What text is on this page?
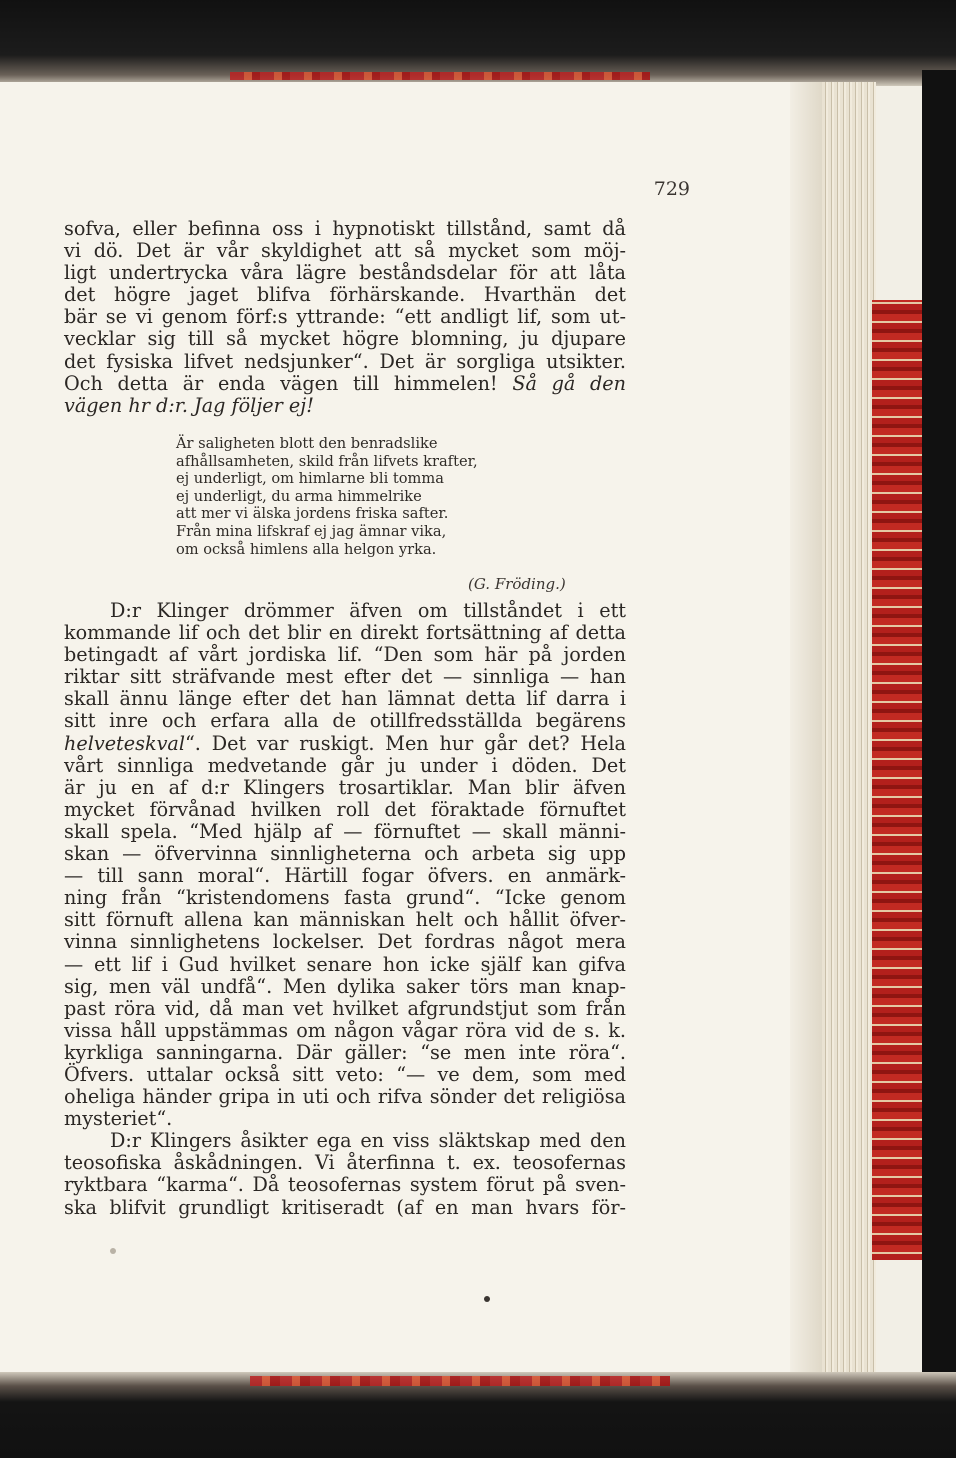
729
sofva, eller befinna oss i hypnotiskt tillstånd, samt då
vi dö. Det är vår skyldighet att så mycket som möj-
ligt undertrycka våra lägre beståndsdelar för att låta
det högre jaget blifva förhärskande. Hvarthän det
bär se vi genom förf:s yttrande: “ett andligt lif, som ut-
vecklar sig till så mycket högre blomning, ju djupare
det fysiska lifvet nedsjunker“. Det är sorgliga utsikter.
Och detta är enda vägen till himmelen! Så gå den
vägen hr d:r. Jag följer ej!
Är saligheten blott den benradslike
afhållsamheten, skild från lifvets krafter,
ej underligt, om himlarne bli tomma
ej underligt, du arma himmelrike
att mer vi älska jordens friska safter.
Från mina lifskraf ej jag ämnar vika,
om också himlens alla helgon yrka.
(G. Fröding.)
D:r Klinger drömmer äfven om tillståndet i ett
kommande lif och det blir en direkt fortsättning af detta
betingadt af vårt jordiska lif. “Den som här på jorden
riktar sitt sträfvande mest efter det — sinnliga — han
skall ännu länge efter det han lämnat detta lif darra i
sitt inre och erfara alla de otillfredsställda begärens
helveteskval“. Det var ruskigt. Men hur går det? Hela
vårt sinnliga medvetande går ju under i döden. Det
är ju en af d:r Klingers trosartiklar. Man blir äfven
mycket förvånad hvilken roll det föraktade förnuftet
skall spela. “Med hjälp af — förnuftet — skall männi-
skan — öfvervinna sinnligheterna och arbeta sig upp
— till sann moral“. Härtill fogar öfvers. en anmärk-
ning från “kristendomens fasta grund“. “Icke genom
sitt förnuft allena kan människan helt och hållit öfver-
vinna sinnlighetens lockelser. Det fordras något mera
— ett lif i Gud hvilket senare hon icke själf kan gifva
sig, men väl undfå“. Men dylika saker törs man knap-
past röra vid, då man vet hvilket afgrundstjut som från
vissa håll uppstämmas om någon vågar röra vid de s. k.
kyrkliga sanningarna. Där gäller: “se men inte röra“.
Öfvers. uttalar också sitt veto: “— ve dem, som med
oheliga händer gripa in uti och rifva sönder det religiösa
mysteriet“.
D:r Klingers åsikter ega en viss släktskap med den
teosofiska åskådningen. Vi återfinna t. ex. teosofernas
ryktbara “karma“. Då teosofernas system förut på sven-
ska blifvit grundligt kritiseradt (af en man hvars för-
